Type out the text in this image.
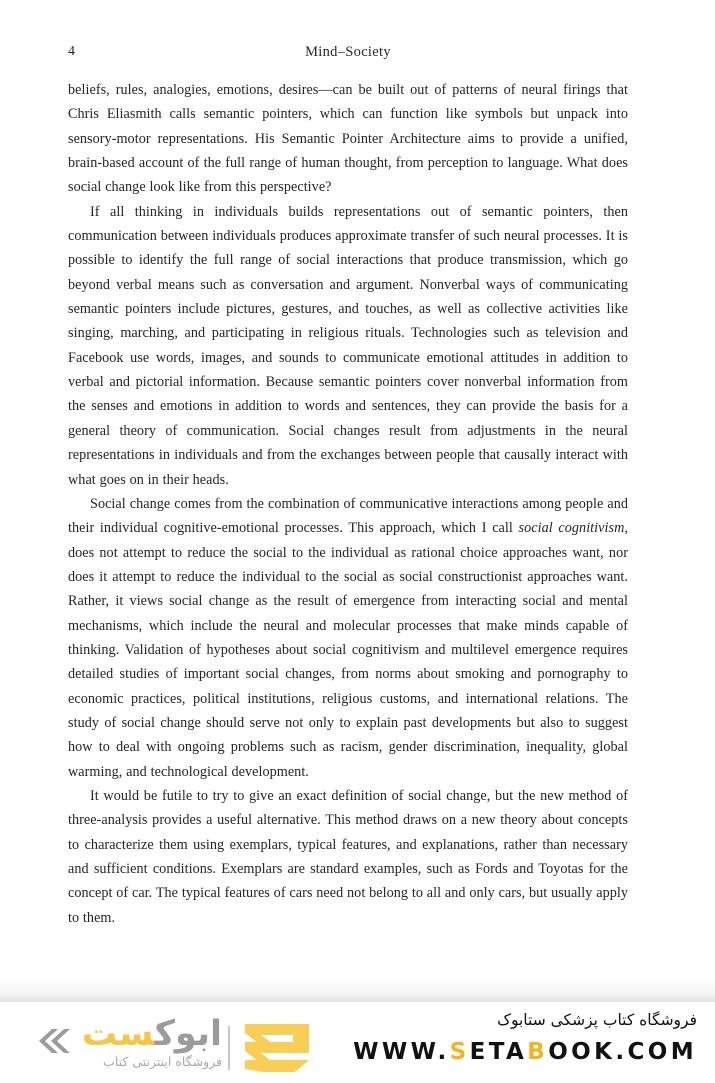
4	Mind–Society

beliefs, rules, analogies, emotions, desires—can be built out of patterns of neural firings that Chris Eliasmith calls semantic pointers, which can function like symbols but unpack into sensory-motor representations. His Semantic Pointer Architecture aims to provide a unified, brain-based account of the full range of human thought, from perception to language. What does social change look like from this perspective?

If all thinking in individuals builds representations out of semantic pointers, then communication between individuals produces approximate transfer of such neural processes. It is possible to identify the full range of social interactions that produce transmission, which go beyond verbal means such as conversation and argument. Nonverbal ways of communicating semantic pointers include pictures, gestures, and touches, as well as collective activities like singing, marching, and participating in religious rituals. Technologies such as television and Facebook use words, images, and sounds to communicate emotional attitudes in addition to verbal and pictorial information. Because semantic pointers cover nonverbal information from the senses and emotions in addition to words and sentences, they can provide the basis for a general theory of communication. Social changes result from adjustments in the neural representations in individuals and from the exchanges between people that causally interact with what goes on in their heads.

Social change comes from the combination of communicative interactions among people and their individual cognitive-emotional processes. This approach, which I call social cognitivism, does not attempt to reduce the social to the individual as rational choice approaches want, nor does it attempt to reduce the individual to the social as social constructionist approaches want. Rather, it views social change as the result of emergence from interacting social and mental mechanisms, which include the neural and molecular processes that make minds capable of thinking. Validation of hypotheses about social cognitivism and multilevel emergence requires detailed studies of important social changes, from norms about smoking and pornography to economic practices, political institutions, religious customs, and international relations. The study of social change should serve not only to explain past developments but also to suggest how to deal with ongoing problems such as racism, gender discrimination, inequality, global warming, and technological development.

It would be futile to try to give an exact definition of social change, but the new method of three-analysis provides a useful alternative. This method draws on a new theory about concepts to characterize them using exemplars, typical features, and explanations, rather than necessary and sufficient conditions. Exemplars are standard examples, such as Fords and Toyotas for the concept of car. The typical features of cars need not belong to all and only cars, but usually apply to them.

ابوکست
فروشگاه اینترنتی کتاب
فروشگاه کتاب پزشکی ستابوک
WWW.SETABOOK.COM
